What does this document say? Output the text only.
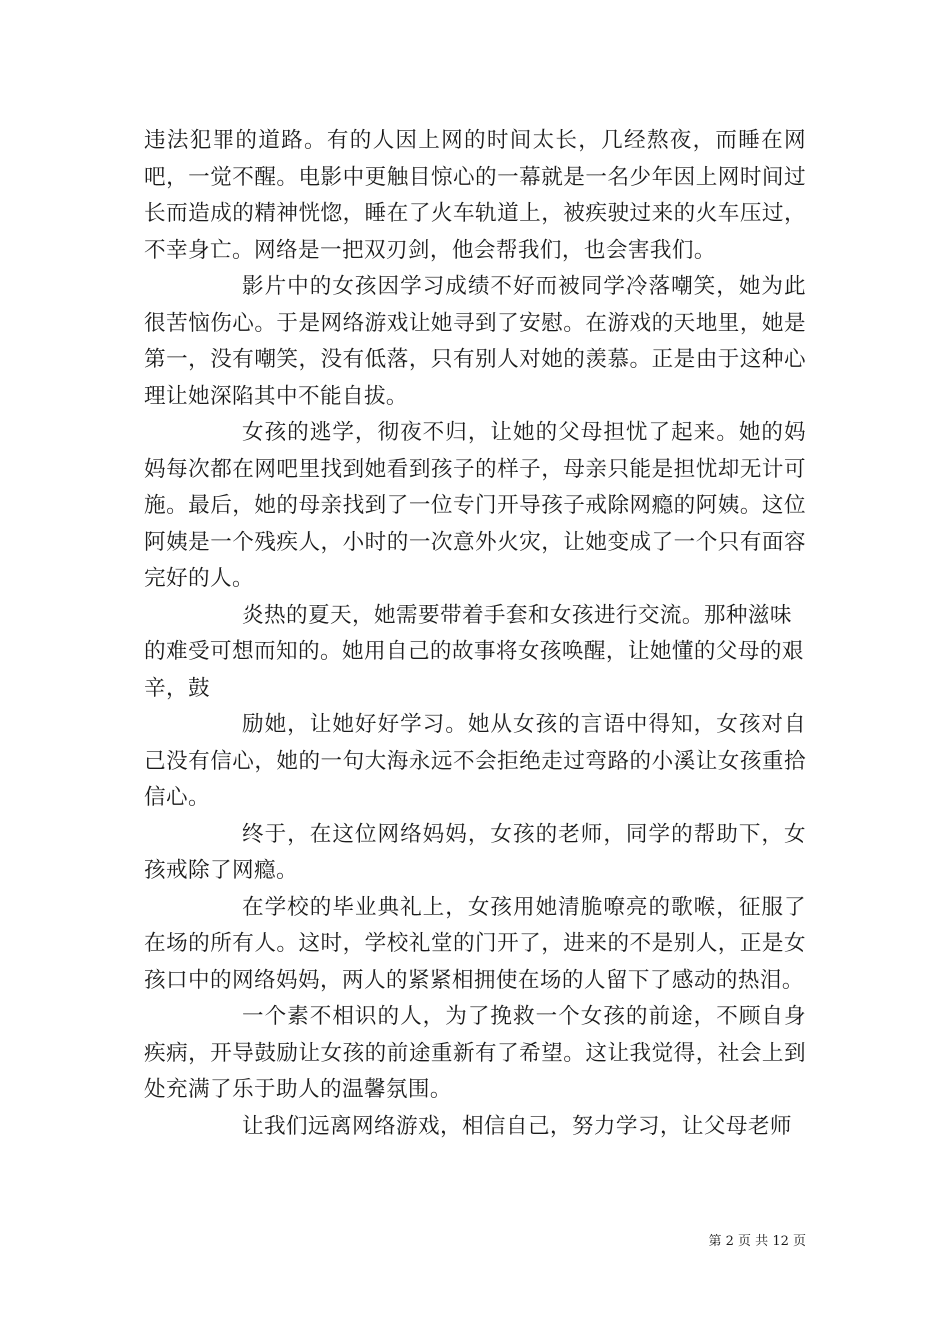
违法犯罪的道路。有的人因上网的时间太长，几经熬夜，而睡在网吧，一觉不醒。电影中更触目惊心的一幕就是一名少年因上网时间过长而造成的精神恍惚，睡在了火车轨道上，被疾驶过来的火车压过，不幸身亡。网络是一把双刃剑，他会帮我们，也会害我们。

影片中的女孩因学习成绩不好而被同学冷落嘲笑，她为此很苦恼伤心。于是网络游戏让她寻到了安慰。在游戏的天地里，她是第一，没有嘲笑，没有低落，只有别人对她的羡慕。正是由于这种心理让她深陷其中不能自拔。

女孩的逃学，彻夜不归，让她的父母担忧了起来。她的妈妈每次都在网吧里找到她看到孩子的样子，母亲只能是担忧却无计可施。最后，她的母亲找到了一位专门开导孩子戒除网瘾的阿姨。这位阿姨是一个残疾人，小时的一次意外火灾，让她变成了一个只有面容完好的人。

炎热的夏天，她需要带着手套和女孩进行交流。那种滋味的难受可想而知的。她用自己的故事将女孩唤醒，让她懂的父母的艰辛，鼓

励她，让她好好学习。她从女孩的言语中得知，女孩对自己没有信心，她的一句大海永远不会拒绝走过弯路的小溪让女孩重拾信心。

终于，在这位网络妈妈，女孩的老师，同学的帮助下，女孩戒除了网瘾。

在学校的毕业典礼上，女孩用她清脆嘹亮的歌喉，征服了在场的所有人。这时，学校礼堂的门开了，进来的不是别人，正是女孩口中的网络妈妈，两人的紧紧相拥使在场的人留下了感动的热泪。

一个素不相识的人，为了挽救一个女孩的前途，不顾自身疾病，开导鼓励让女孩的前途重新有了希望。这让我觉得，社会上到处充满了乐于助人的温馨氛围。

让我们远离网络游戏，相信自己，努力学习，让父母老师

第 2 页 共 12 页
